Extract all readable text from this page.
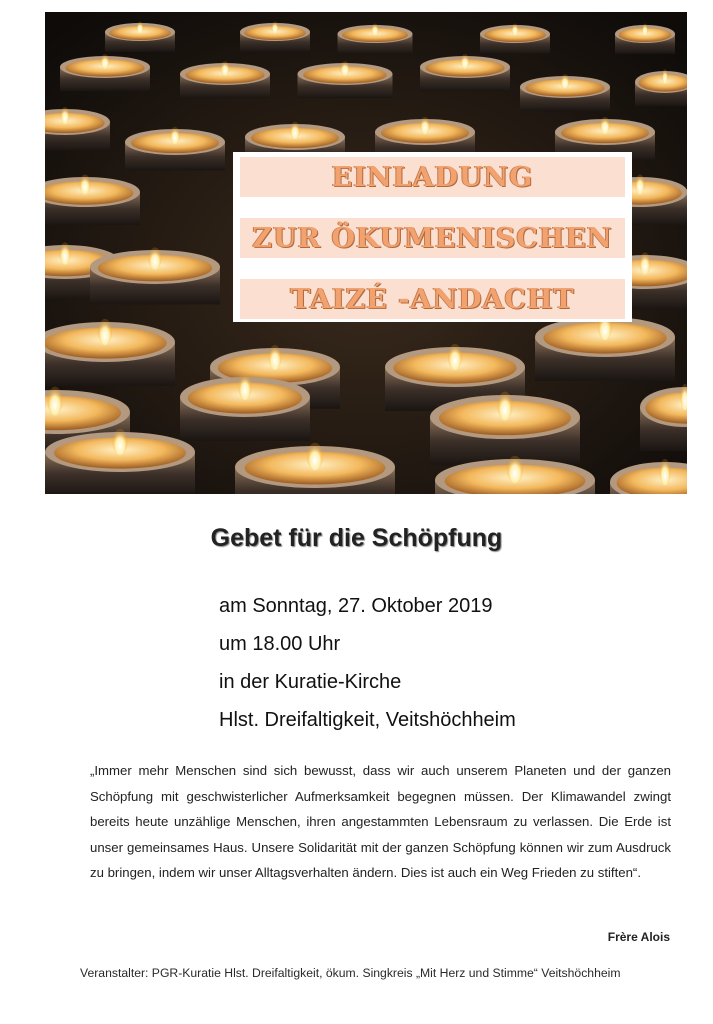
EINLADUNG
ZUR ÖKUMENISCHEN
TAIZÉ -ANDACHT
Gebet für die Schöpfung
am Sonntag, 27. Oktober 2019
um 18.00 Uhr
in der Kuratie-Kirche
Hlst. Dreifaltigkeit, Veitshöchheim
„Immer mehr Menschen sind sich bewusst, dass wir auch unserem Planeten und der ganzen Schöpfung mit geschwisterlicher Aufmerksamkeit begegnen müssen. Der Klimawandel zwingt bereits heute unzählige Menschen, ihren angestammten Lebensraum zu verlassen. Die Erde ist unser gemeinsames Haus. Unsere Solidarität mit der ganzen Schöpfung können wir zum Ausdruck zu bringen, indem wir unser Alltagsverhalten ändern. Dies ist auch ein Weg Frieden zu stiften“.
Frère Alois
Veranstalter: PGR-Kuratie Hlst. Dreifaltigkeit, ökum. Singkreis „Mit Herz und Stimme“ Veitshöchheim
